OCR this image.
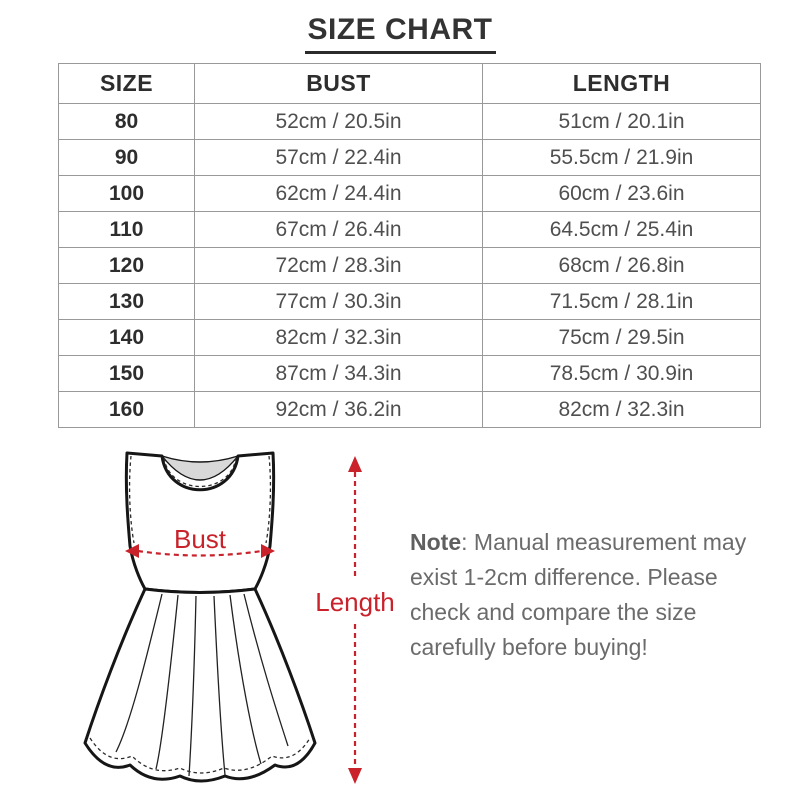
SIZE CHART
SIZE	BUST	LENGTH
80	52cm / 20.5in	51cm / 20.1in
90	57cm / 22.4in	55.5cm / 21.9in
100	62cm / 24.4in	60cm / 23.6in
110	67cm / 26.4in	64.5cm / 25.4in
120	72cm / 28.3in	68cm / 26.8in
130	77cm / 30.3in	71.5cm / 28.1in
140	82cm / 32.3in	75cm / 29.5in
150	87cm / 34.3in	78.5cm / 30.9in
160	92cm / 36.2in	82cm / 32.3in
Bust
Length

Note: Manual measurement may exist 1-2cm difference. Please check and compare the size carefully before buying!
